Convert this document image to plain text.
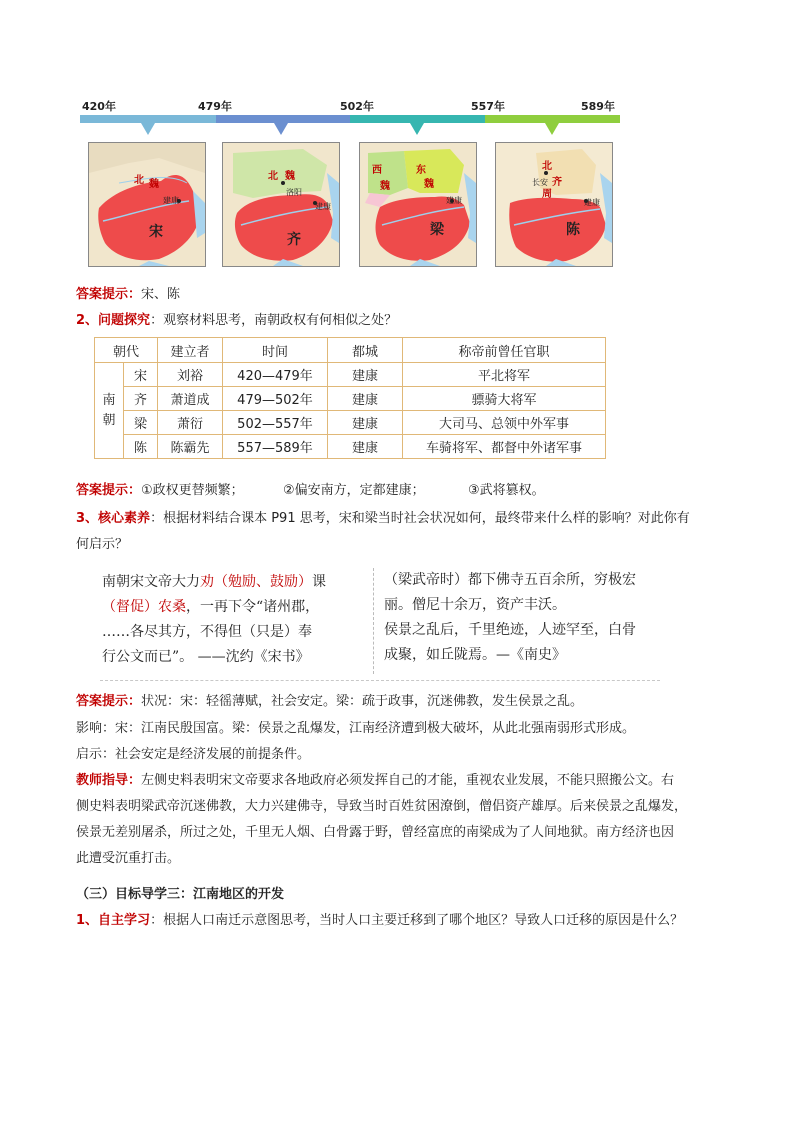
420年	479年	502年	557年	589年
北 魏
建康
宋
北 魏
洛阳
建康
齐
西
魏
东
魏
建康
梁
北
齐
周
长安
建康
陈
答案提示：宋、陈
2、问题探究：观察材料思考，南朝政权有何相似之处？
朝代	建立者	时间	都城	称帝前曾任官职
南
朝	宋	刘裕	420—479年	建康	平北将军
	齐	萧道成	479—502年	建康	骠骑大将军
	梁	萧衍	502—557年	建康	大司马、总领中外军事
	陈	陈霸先	557—589年	建康	车骑将军、都督中外诸军事
答案提示：①政权更替频繁；	②偏安南方，定都建康；	③武将篡权。
3、核心素养：根据材料结合课本 P91 思考，宋和梁当时社会状况如何，最终带来什么样的影响？对此你有
何启示？
南朝宋文帝大力劝（勉励、鼓励）课
（督促）农桑，一再下令“诸州郡，
……各尽其方，不得但（只是）奉
行公文而已”。 ——沈约《宋书》
（梁武帝时）都下佛寺五百余所，穷极宏
丽。僧尼十余万，资产丰沃。
侯景之乱后，千里绝迹，人迹罕至，白骨
成聚，如丘陇焉。—《南史》
答案提示：状况：宋：轻徭薄赋，社会安定。梁：疏于政事，沉迷佛教，发生侯景之乱。
影响：宋：江南民殷国富。梁：侯景之乱爆发，江南经济遭到极大破坏，从此北强南弱形式形成。
启示：社会安定是经济发展的前提条件。
教师指导：左侧史料表明宋文帝要求各地政府必须发挥自己的才能，重视农业发展，不能只照搬公文。右
侧史料表明梁武帝沉迷佛教，大力兴建佛寺，导致当时百姓贫困潦倒，僧侣资产雄厚。后来侯景之乱爆发，
侯景无差别屠杀，所过之处，千里无人烟、白骨露于野，曾经富庶的南梁成为了人间地狱。南方经济也因
此遭受沉重打击。
（三）目标导学三：江南地区的开发
1、自主学习：根据人口南迁示意图思考，当时人口主要迁移到了哪个地区？导致人口迁移的原因是什么？
